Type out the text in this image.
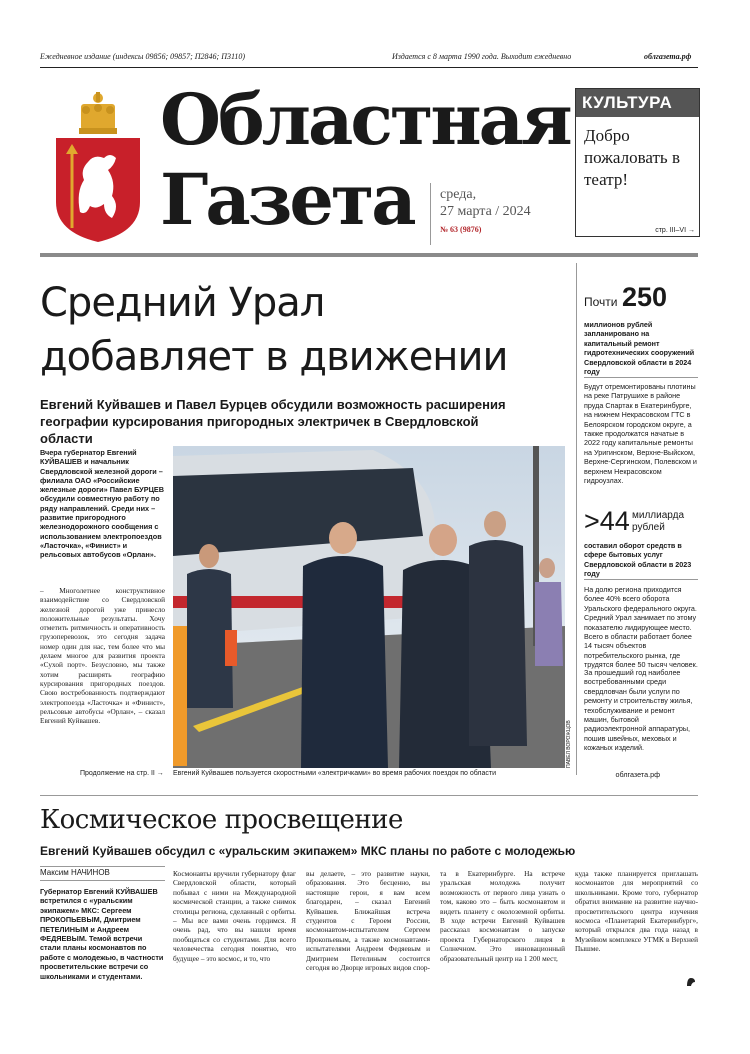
Ежедневное издание (индексы 09856; 09857; П2846; П3110)	Издается с 8 марта 1990 года. Выходит ежедневно	облгазета.рф
Областная
Газета среда,
27 марта / 2024
№ 63 (9876)
КУЛЬТУРА
Добро пожаловать в театр!
стр. III–VI →
Средний Урал
добавляет в движении
Евгений Куйвашев и Павел Бурцев обсудили возможность расширения географии курсирования пригородных электричек в Свердловской области
Вчера губернатор Евгений КУЙВАШЕВ и начальник Свердловской железной дороги – филиала ОАО «Российские железные дороги» Павел БУРЦЕВ обсудили совместную работу по ряду направлений. Среди них – развитие пригородного железнодорожного сообщения с использованием электропоездов «Ласточка», «Финист» и рельсовых автобусов «Орлан».
– Многолетнее конструктивное взаимодействие со Свердловской железной дорогой уже принесло положительные результаты. Хочу отметить ритмичность и оперативность грузоперевозок, это сегодня задача номер один для нас, тем более что мы делаем многое для развития проекта «Сухой порт». Безусловно, мы также хотим расширять географию курсирования пригородных поездов. Свою востребованность подтверждают электропоезда «Ласточка» и «Финист», рельсовые автобусы «Орлан», – сказал Евгений Куйвашев.
Продолжение на стр. II →
ПАВЕЛ ВОРОЖЦОВ
Евгений Куйвашев пользуется скоростными «электричками» во время рабочих поездок по области
Почти 250
миллионов рублей запланировано на капитальный ремонт гидротехнических сооружений Свердловской области в 2024 году
Будут отремонтированы плотины на реке Патрушихе в районе пруда Спартак в Екатеринбурге, на нижнем Некрасовском ГТС в Белоярском городском округе, а также продолжатся начатые в 2022 году капитальные ремонты на Уригинском, Верхне-Выйском, Верхне-Сергинском, Полевском и верхнем Некрасовском гидроузлах.
>44 миллиарда рублей
составил оборот средств в сфере бытовых услуг Свердловской области в 2023 году
На долю региона приходится более 40% всего оборота Уральского федерального округа. Средний Урал занимает по этому показателю лидирующее место. Всего в области работает более 14 тысяч объектов потребительского рынка, где трудятся более 50 тысяч человек.
За прошедший год наиболее востребованными среди свердловчан были услуги по ремонту и строительству жилья, техобслуживание и ремонт машин, бытовой радиоэлектронной аппаратуры, пошив швейных, меховых и кожаных изделий.
облгазета.рф
Космическое просвещение
Евгений Куйвашев обсудил с «уральским экипажем» МКС планы по работе с молодежью
Максим НАЧИНОВ
Губернатор Евгений КУЙВАШЕВ встретился с «уральским экипажем» МКС: Сергеем ПРОКОПЬЕВЫМ, Дмитрием ПЕТЕЛИНЫМ и Андреем ФЕДЯЕВЫМ. Темой встречи стали планы космонавтов по работе с молодежью, в частности просветительские встречи со школьниками и студентами.
Космонавты вручили губернатору флаг Свердловской области, который побывал с ними на Международной космической станции, а также снимок столицы региона, сделанный с орбиты. – Мы все вами очень гордимся. Я очень рад, что вы нашли время пообщаться со студентами. Для всего человечества сегодня понятно, что будущее – это космос, и то, что
вы делаете, – это развитие науки, образования. Это бесценно, вы настоящие герои, я вам всем благодарен, – сказал Евгений Куйвашев. Ближайшая встреча студентов с Героем России, космонавтом-испытателем Сергеем Прокопьевым, а также космонавтами-испытателями Андреем Федяевым и Дмитрием Петелиным состоится сегодня во Дворце игровых видов спор-
та в Екатеринбурге. На встрече уральская молодежь получит возможность от первого лица узнать о том, каково это – быть космонавтом и видеть планету с околоземной орбиты. В ходе встречи Евгений Куйвашев рассказал космонавтам о запуске проекта Губернаторского лицея в Солнечном. Это инновационный образовательный центр на 1 200 мест,
куда также планируется приглашать космонавтов для мероприятий со школьниками. Кроме того, губернатор обратил внимание на развитие научно-просветительского центра изучения космоса «Планетарий Екатеринбург», который открылся два года назад в Музейном комплексе УГМК в Верхней Пышме.
